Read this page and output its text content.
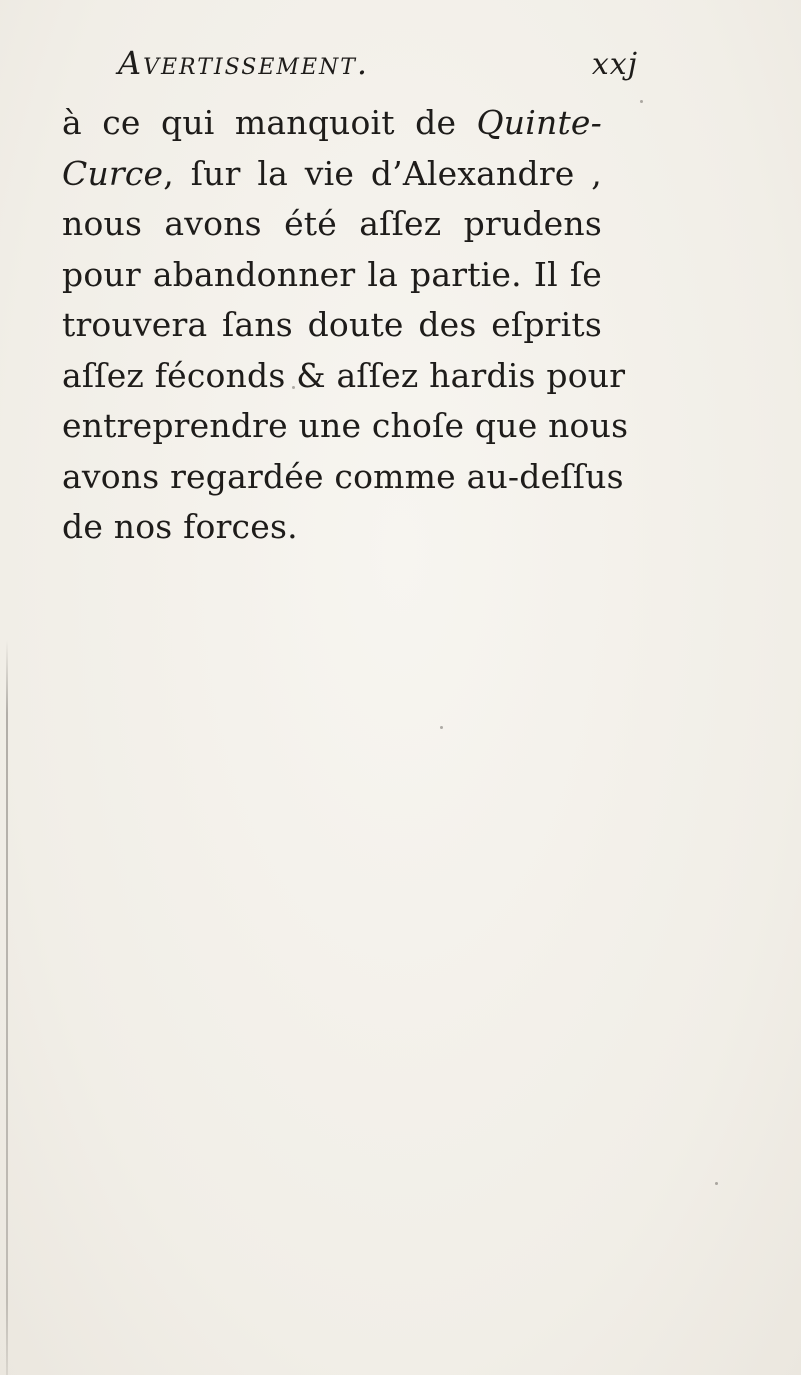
Avertissement.	xxj
à ce qui manquoit de Quinte-
Curce, ſur la vie d’Alexandre ,
nous avons été aſſez prudens
pour abandonner la partie. Il ſe
trouvera ſans doute des eſprits
aſſez féconds & aſſez hardis pour
entreprendre une choſe que nous
avons regardée comme au-deſſus
de nos forces.
